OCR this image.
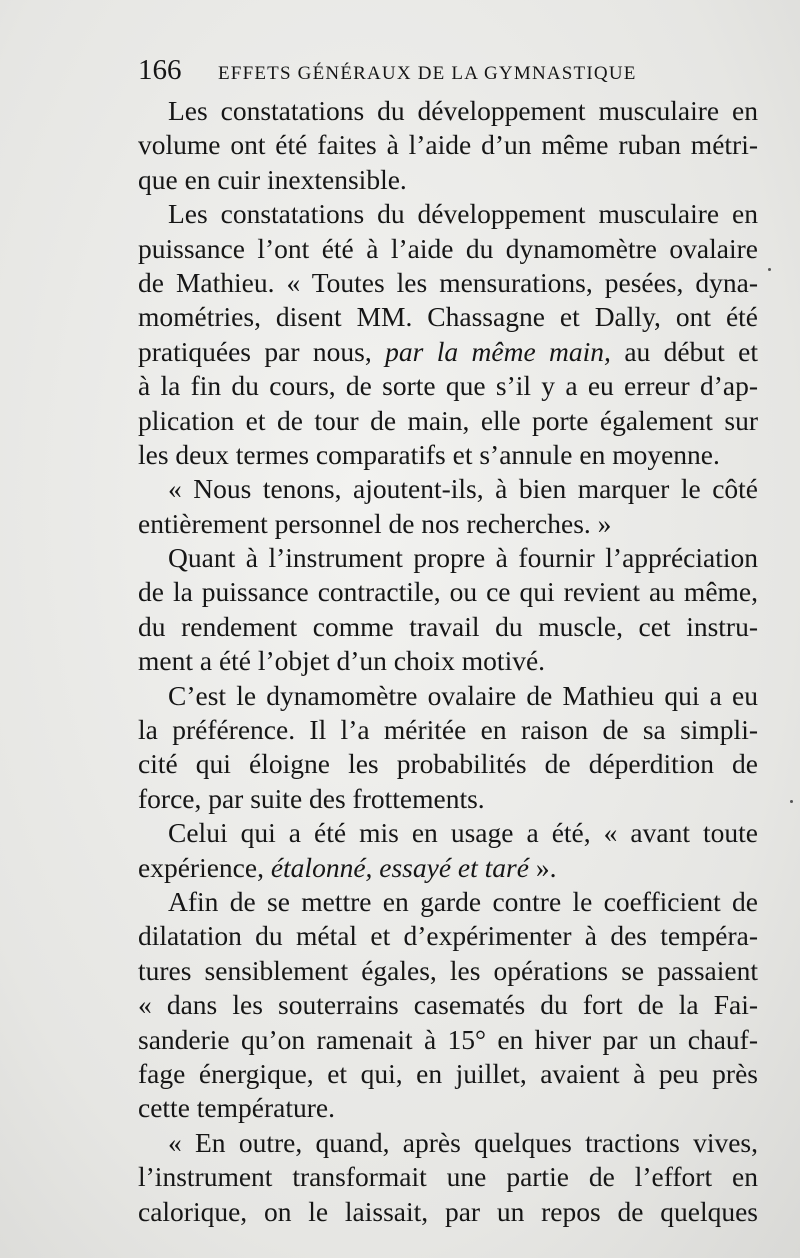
166 EFFETS GÉNÉRAUX DE LA GYMNASTIQUE
Les constatations du développement musculaire en
volume ont été faites à l’aide d’un même ruban métri-
que en cuir inextensible.
Les constatations du développement musculaire en
puissance l’ont été à l’aide du dynamomètre ovalaire
de Mathieu. « Toutes les mensurations, pesées, dyna-
mométries, disent MM. Chassagne et Dally, ont été
pratiquées par nous, par la même main, au début et
à la fin du cours, de sorte que s’il y a eu erreur d’ap-
plication et de tour de main, elle porte également sur
les deux termes comparatifs et s’annule en moyenne.
« Nous tenons, ajoutent-ils, à bien marquer le côté
entièrement personnel de nos recherches. »
Quant à l’instrument propre à fournir l’appréciation
de la puissance contractile, ou ce qui revient au même,
du rendement comme travail du muscle, cet instru-
ment a été l’objet d’un choix motivé.
C’est le dynamomètre ovalaire de Mathieu qui a eu
la préférence. Il l’a méritée en raison de sa simpli-
cité qui éloigne les probabilités de déperdition de
force, par suite des frottements.
Celui qui a été mis en usage a été, « avant toute
expérience, étalonné, essayé et taré ».
Afin de se mettre en garde contre le coefficient de
dilatation du métal et d’expérimenter à des tempéra-
tures sensiblement égales, les opérations se passaient
« dans les souterrains casematés du fort de la Fai-
sanderie qu’on ramenait à 15° en hiver par un chauf-
fage énergique, et qui, en juillet, avaient à peu près
cette température.
« En outre, quand, après quelques tractions vives,
l’instrument transformait une partie de l’effort en
calorique, on le laissait, par un repos de quelques
